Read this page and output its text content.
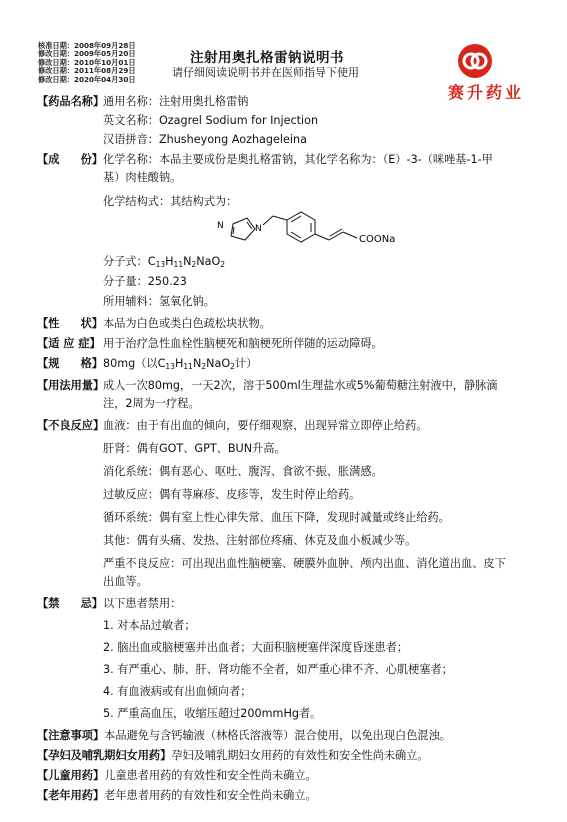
核准日期：2008年09月28日
修改日期：2009年05月20日
修改日期：2010年10月01日
修改日期：2011年08月29日
修改日期：2020年04月30日
注射用奥扎格雷钠说明书
请仔细阅读说明书并在医师指导下使用
赛升药业
【药品名称】
通用名称：注射用奥扎格雷钠
英文名称：Ozagrel Sodium for Injection
汉语拼音：Zhusheyong Aozhageleina
【成 份】 化学名称：本品主要成份是奥扎格雷钠，其化学名称为：（E）-3-（咪唑基-1-甲
基）肉桂酸钠。
化学结构式：其结构式为：
N	N
COONa
分子式：$C_{13}H_{11}N_2NaO_2$
分子量：250.23
所用辅料：氢氧化钠。
【性 状】 本品为白色或类白色疏松块状物。
【适 应 症】 用于治疗急性血栓性脑梗死和脑梗死所伴随的运动障碍。
【规 格】 80mg（以$C_{13}H_{11}N_2NaO_2$计）
【用法用量】
成人一次80mg，一天2次，溶于500ml生理盐水或5%葡萄糖注射液中，静脉滴
注，2周为一疗程。
【不良反应】
血液：由于有出血的倾向，要仔细观察，出现异常立即停止给药。
肝肾：偶有GOT、GPT、BUN升高。
消化系统：偶有恶心、呕吐、腹泻、食欲不振、胀满感。
过敏反应：偶有荨麻疹、皮疹等，发生时停止给药。
循环系统：偶有室上性心律失常、血压下降，发现时减量或终止给药。
其他：偶有头痛、发热、注射部位疼痛、休克及血小板减少等。
严重不良反应：可出现出血性脑梗塞、硬膜外血肿、颅内出血、消化道出血、皮下
出血等。
【禁 忌】 以下患者禁用：
1. 对本品过敏者；
2. 脑出血或脑梗塞并出血者；大面积脑梗塞伴深度昏迷患者；
3. 有严重心、肺、肝、肾功能不全者，如严重心律不齐、心肌梗塞者；
4. 有血液病或有出血倾向者；
5. 严重高血压，收缩压超过200mmHg者。
【注意事项】本品避免与含钙输液（林格氏溶液等）混合使用，以免出现白色混浊。
【孕妇及哺乳期妇女用药】孕妇及哺乳期妇女用药的有效性和安全性尚未确立。
【儿童用药】儿童患者用药的有效性和安全性尚未确立。
【老年用药】老年患者用药的有效性和安全性尚未确立。
